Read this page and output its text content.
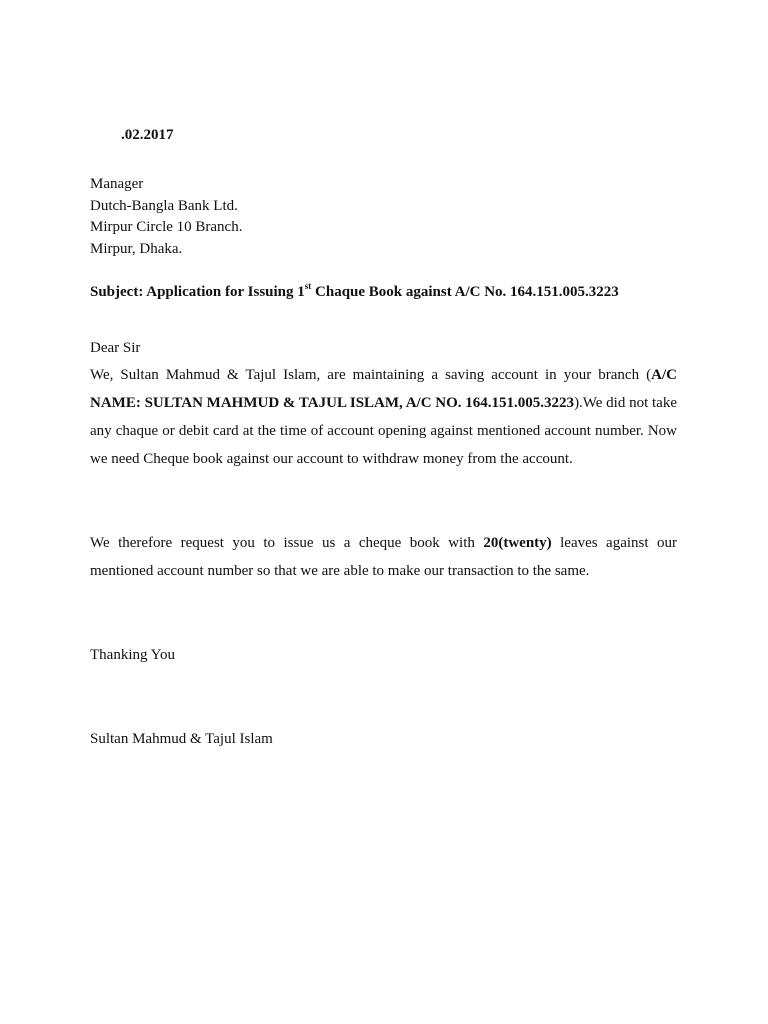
.02.2017
Manager
Dutch-Bangla Bank Ltd.
Mirpur Circle 10 Branch.
Mirpur, Dhaka.
Subject: Application for Issuing 1st Chaque Book against A/C No. 164.151.005.3223
Dear Sir
We, Sultan Mahmud & Tajul Islam, are maintaining a saving account in your branch (A/C NAME: SULTAN MAHMUD & TAJUL ISLAM, A/C NO. 164.151.005.3223).We did not take any chaque or debit card at the time of account opening against mentioned account number. Now we need Cheque book against our account to withdraw money from the account.
We therefore request you to issue us a cheque book with 20(twenty) leaves against our mentioned account number so that we are able to make our transaction to the same.
Thanking You
Sultan Mahmud & Tajul Islam
